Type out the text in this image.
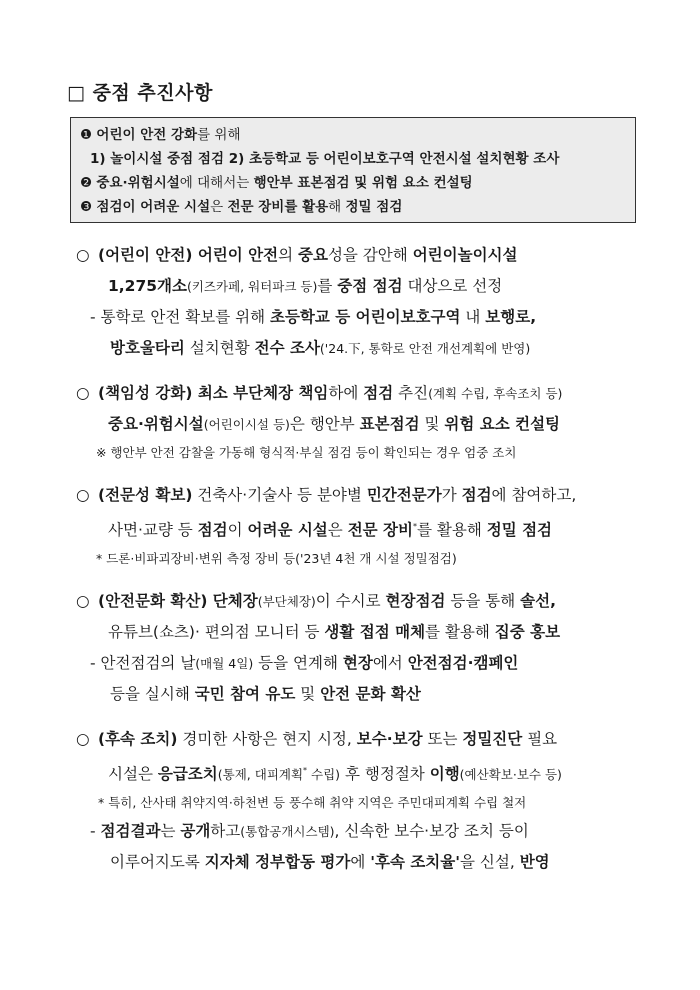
□ 중점 추진사항
❶ 어린이 안전 강화를 위해
1) 놀이시설 중점 점검 2) 초등학교 등 어린이보호구역 안전시설 설치현황 조사
❷ 중요·위험시설에 대해서는 행안부 표본점검 및 위험 요소 컨설팅
❸ 점검이 어려운 시설은 전문 장비를 활용해 정밀 점검
○ (어린이 안전) 어린이 안전의 중요성을 감안해 어린이놀이시설
1,275개소(키즈카페, 워터파크 등)를 중점 점검 대상으로 선정
- 통학로 안전 확보를 위해 초등학교 등 어린이보호구역 내 보행로,
방호울타리 설치현황 전수 조사('24.下, 통학로 안전 개선계획에 반영)
○ (책임성 강화) 최소 부단체장 책임하에 점검 추진(계획 수립, 후속조치 등)
중요·위험시설(어린이시설 등)은 행안부 표본점검 및 위험 요소 컨설팅
※ 행안부 안전 감찰을 가동해 형식적·부실 점검 등이 확인되는 경우 엄중 조치
○ (전문성 확보) 건축사·기술사 등 분야별 민간전문가가 점검에 참여하고,
사면·교량 등 점검이 어려운 시설은 전문 장비*를 활용해 정밀 점검
* 드론·비파괴장비·변위 측정 장비 등('23년 4천 개 시설 정밀점검)
○ (안전문화 확산) 단체장(부단체장)이 수시로 현장점검 등을 통해 솔선,
유튜브(쇼츠)· 편의점 모니터 등 생활 접점 매체를 활용해 집중 홍보
- 안전점검의 날(매월 4일) 등을 연계해 현장에서 안전점검·캠페인
등을 실시해 국민 참여 유도 및 안전 문화 확산
○ (후속 조치) 경미한 사항은 현지 시정, 보수·보강 또는 정밀진단 필요
시설은 응급조치(통제, 대피계획* 수립) 후 행정절차 이행(예산확보·보수 등)
* 특히, 산사태 취약지역·하천변 등 풍수해 취약 지역은 주민대피계획 수립 철저
- 점검결과는 공개하고(통합공개시스템), 신속한 보수·보강 조치 등이
이루어지도록 지자체 정부합동 평가에 '후속 조치율'을 신설, 반영
